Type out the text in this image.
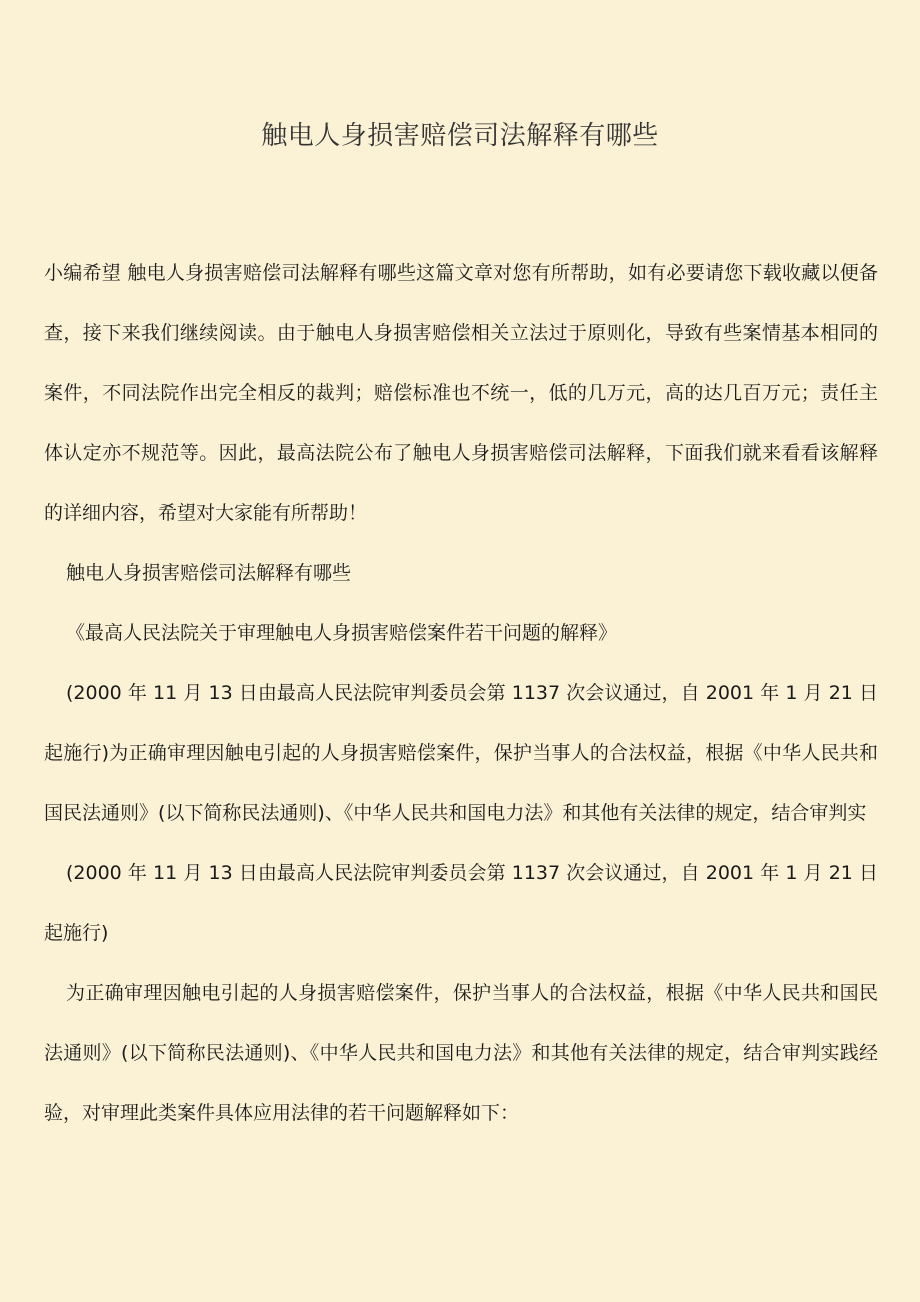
触电人身损害赔偿司法解释有哪些

小编希望 触电人身损害赔偿司法解释有哪些这篇文章对您有所帮助，如有必要请您下载收藏以便备查，接下来我们继续阅读。由于触电人身损害赔偿相关立法过于原则化，导致有些案情基本相同的案件，不同法院作出完全相反的裁判；赔偿标准也不统一，低的几万元，高的达几百万元；责任主体认定亦不规范等。因此，最高法院公布了触电人身损害赔偿司法解释，下面我们就来看看该解释的详细内容，希望对大家能有所帮助！

触电人身损害赔偿司法解释有哪些

《最高人民法院关于审理触电人身损害赔偿案件若干问题的解释》

(2000 年 11 月 13 日由最高人民法院审判委员会第 1137 次会议通过，自 2001 年 1 月 21 日起施行)为正确审理因触电引起的人身损害赔偿案件，保护当事人的合法权益，根据《中华人民共和国民法通则》(以下简称民法通则)、《中华人民共和国电力法》和其他有关法律的规定，结合审判实

(2000 年 11 月 13 日由最高人民法院审判委员会第 1137 次会议通过，自 2001 年 1 月 21 日起施行)

为正确审理因触电引起的人身损害赔偿案件，保护当事人的合法权益，根据《中华人民共和国民法通则》(以下简称民法通则)、《中华人民共和国电力法》和其他有关法律的规定，结合审判实践经验，对审理此类案件具体应用法律的若干问题解释如下：
